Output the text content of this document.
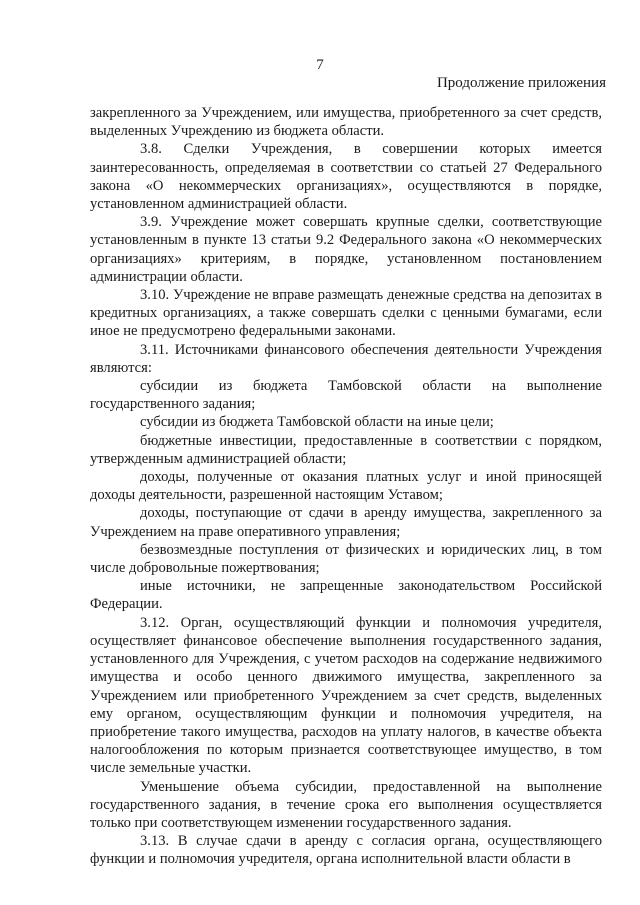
7
Продолжение приложения

закрепленного за Учреждением, или имущества, приобретенного за счет средств, выделенных Учреждению из бюджета области.

3.8. Сделки Учреждения, в совершении которых имеется заинтересованность, определяемая в соответствии со статьей 27 Федерального закона «О некоммерческих организациях», осуществляются в порядке, установленном администрацией области.

3.9. Учреждение может совершать крупные сделки, соответствующие установленным в пункте 13 статьи 9.2 Федерального закона «О некоммерческих организациях» критериям, в порядке, установленном постановлением администрации области.

3.10. Учреждение не вправе размещать денежные средства на депозитах в кредитных организациях, а также совершать сделки с ценными бумагами, если иное не предусмотрено федеральными законами.

3.11. Источниками финансового обеспечения деятельности Учреждения являются:

субсидии из бюджета Тамбовской области на выполнение государственного задания;

субсидии из бюджета Тамбовской области на иные цели;

бюджетные инвестиции, предоставленные в соответствии с порядком, утвержденным администрацией области;

доходы, полученные от оказания платных услуг и иной приносящей доходы деятельности, разрешенной настоящим Уставом;

доходы, поступающие от сдачи в аренду имущества, закрепленного за Учреждением на праве оперативного управления;

безвозмездные поступления от физических и юридических лиц, в том числе добровольные пожертвования;

иные источники, не запрещенные законодательством Российской Федерации.

3.12. Орган, осуществляющий функции и полномочия учредителя, осуществляет финансовое обеспечение выполнения государственного задания, установленного для Учреждения, с учетом расходов на содержание недвижимого имущества и особо ценного движимого имущества, закрепленного за Учреждением или приобретенного Учреждением за счет средств, выделенных ему органом, осуществляющим функции и полномочия учредителя, на приобретение такого имущества, расходов на уплату налогов, в качестве объекта налогообложения по которым признается соответствующее имущество, в том числе земельные участки.

Уменьшение объема субсидии, предоставленной на выполнение государственного задания, в течение срока его выполнения осуществляется только при соответствующем изменении государственного задания.

3.13. В случае сдачи в аренду с согласия органа, осуществляющего функции и полномочия учредителя, органа исполнительной власти области в
